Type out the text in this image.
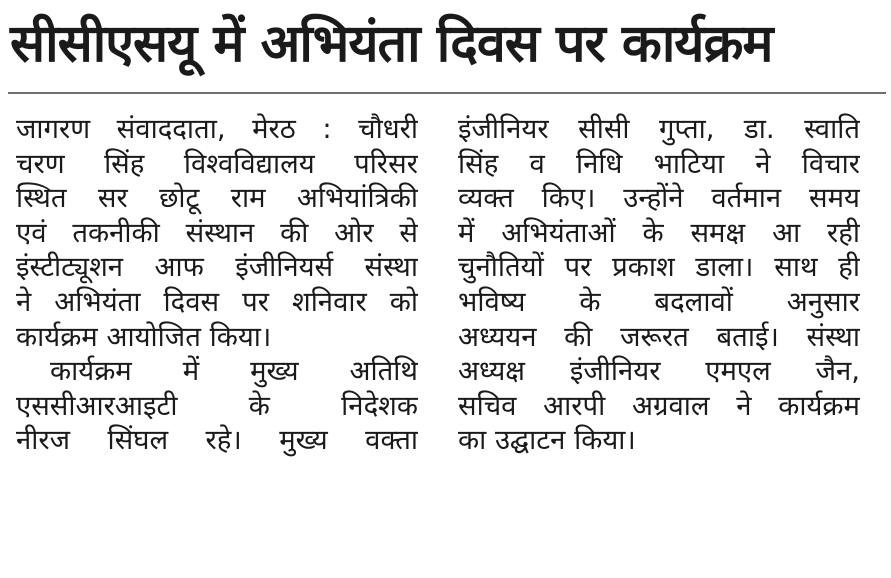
सीसीएसयू में अभियंता दिवस पर कार्यक्रम
जागरण संवाददाता, मेरठ : चौधरी
चरण सिंह विश्वविद्यालय परिसर
स्थित सर छोटू राम अभियांत्रिकी
एवं तकनीकी संस्थान की ओर से
इंस्टीट्यूशन आफ इंजीनियर्स संस्था
ने अभियंता दिवस पर शनिवार को
कार्यक्रम आयोजित किया।
कार्यक्रम में मुख्य अतिथि
एससीआरआइटी के निदेशक
नीरज सिंघल रहे। मुख्य वक्ता
इंजीनियर सीसी गुप्ता, डा. स्वाति
सिंह व निधि भाटिया ने विचार
व्यक्त किए। उन्होंने वर्तमान समय
में अभियंताओं के समक्ष आ रही
चुनौतियों पर प्रकाश डाला। साथ ही
भविष्य के बदलावों अनुसार
अध्ययन की जरूरत बताई। संस्था
अध्यक्ष इंजीनियर एमएल जैन,
सचिव आरपी अग्रवाल ने कार्यक्रम
का उद्घाटन किया।
